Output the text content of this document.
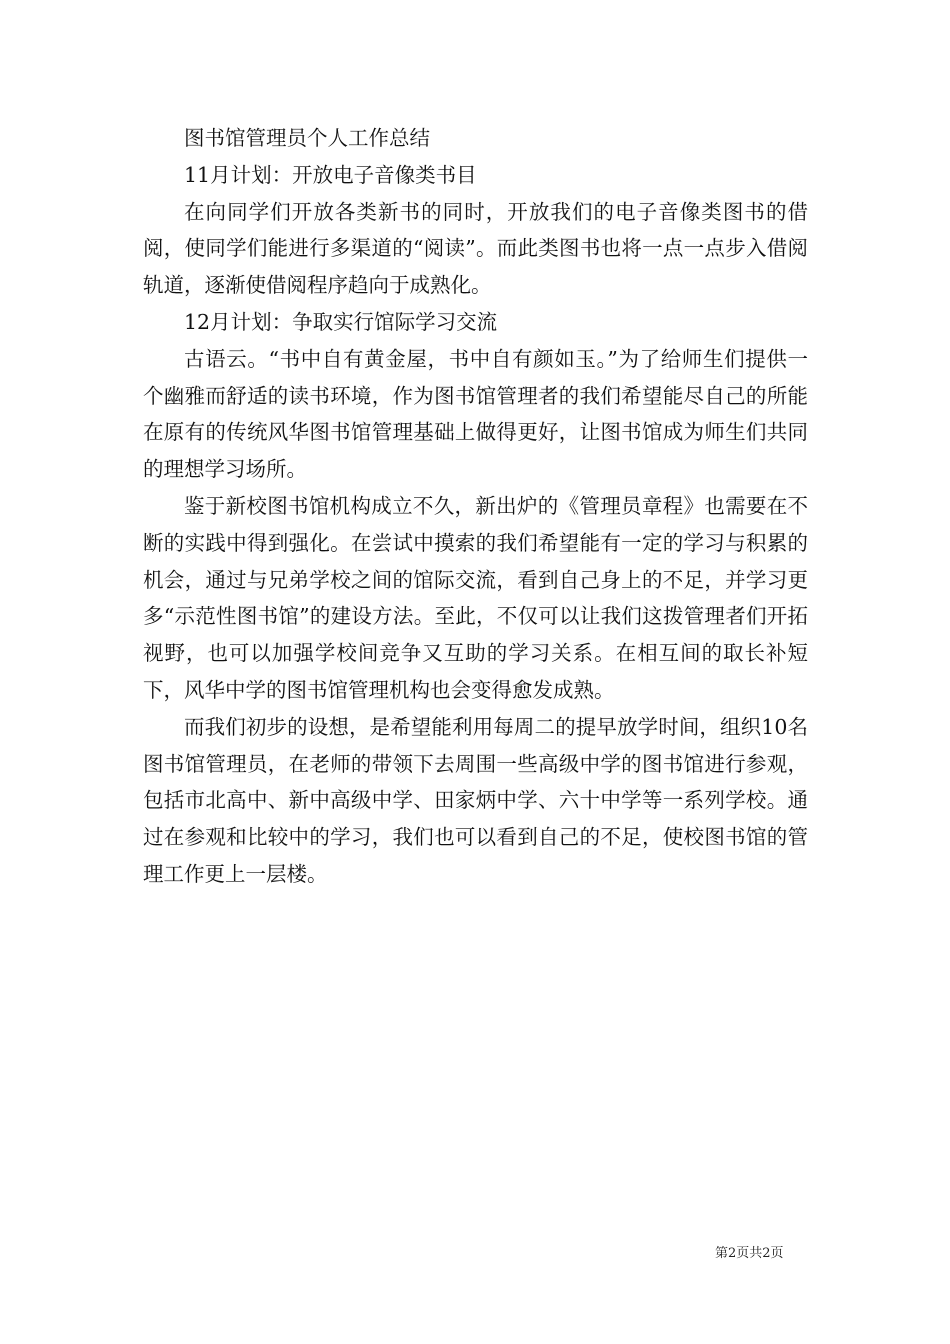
图书馆管理员个人工作总结

11月计划：开放电子音像类书目

在向同学们开放各类新书的同时，开放我们的电子音像类图书的借阅，使同学们能进行多渠道的“阅读”。而此类图书也将一点一点步入借阅轨道，逐渐使借阅程序趋向于成熟化。

12月计划：争取实行馆际学习交流

古语云。“书中自有黄金屋，书中自有颜如玉。”为了给师生们提供一个幽雅而舒适的读书环境，作为图书馆管理者的我们希望能尽自己的所能在原有的传统风华图书馆管理基础上做得更好，让图书馆成为师生们共同的理想学习场所。

鉴于新校图书馆机构成立不久，新出炉的《管理员章程》也需要在不断的实践中得到强化。在尝试中摸索的我们希望能有一定的学习与积累的机会，通过与兄弟学校之间的馆际交流，看到自己身上的不足，并学习更多“示范性图书馆”的建设方法。至此，不仅可以让我们这拨管理者们开拓视野，也可以加强学校间竞争又互助的学习关系。在相互间的取长补短下，风华中学的图书馆管理机构也会变得愈发成熟。

而我们初步的设想，是希望能利用每周二的提早放学时间，组织10名图书馆管理员，在老师的带领下去周围一些高级中学的图书馆进行参观，包括市北高中、新中高级中学、田家炳中学、六十中学等一系列学校。通过在参观和比较中的学习，我们也可以看到自己的不足，使校图书馆的管理工作更上一层楼。

第2页共2页
